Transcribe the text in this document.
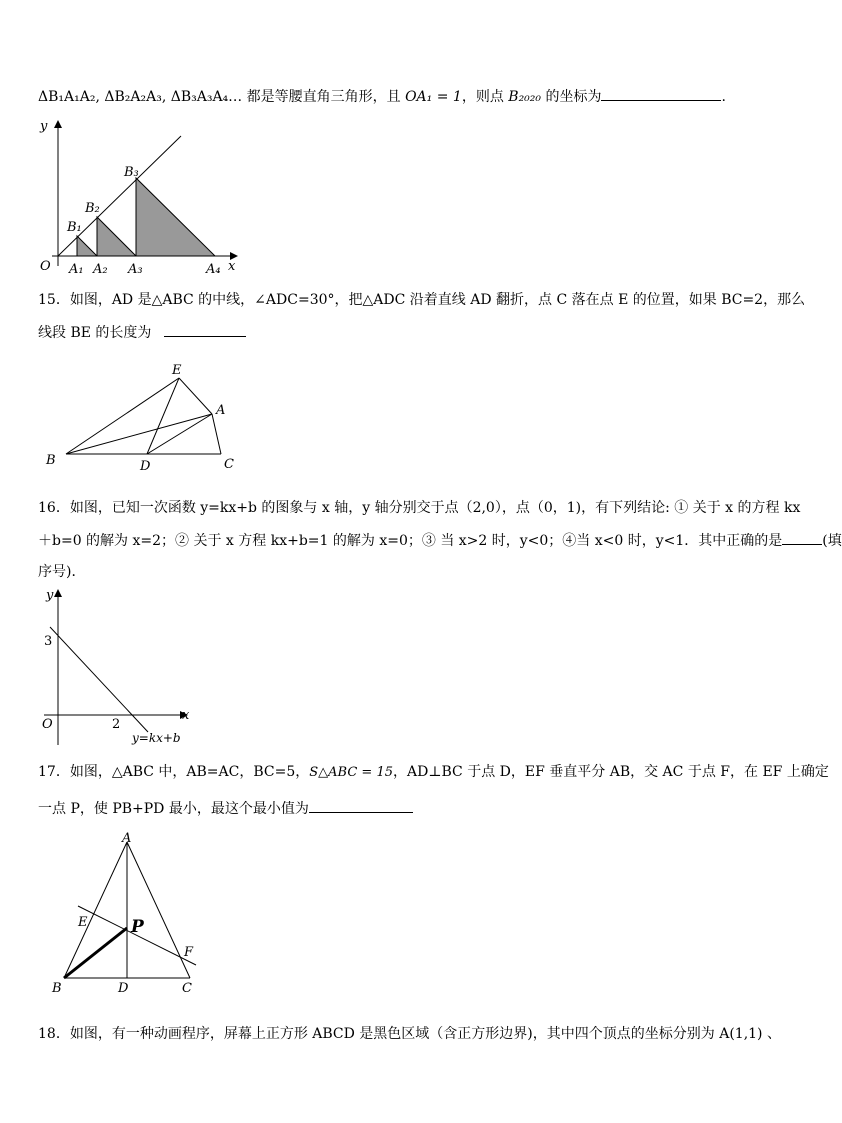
ΔB₁A₁A₂, ΔB₂A₂A₃, ΔB₃A₃A₄… 都是等腰直角三角形，且 OA₁ = 1，则点 B₂₀₂₀ 的坐标为	.
y
x
O A₁ A₂ A₃	A₄
B₁
B₂
B₃
15．如图，AD 是△ABC 的中线，∠ADC=30°，把△ADC 沿着直线 AD 翻折，点 C 落在点 E 的位置，如果 BC=2，那么
线段 BE 的长度为
E
A
B	D	C
16．如图，已知一次函数 y=kx+b 的图象与 x 轴，y 轴分别交于点（2,0），点（0，1)，有下列结论: ① 关于 x 的方程 kx
＋b=0 的解为 x=2；② 关于 x 方程 kx+b=1 的解为 x=0；③ 当 x>2 时，y<0；④当 x<0 时，y<1．其中正确的是	(填
序号)．
y
x
O
3
2
y=kx+b
17．如图，△ABC 中，AB=AC，BC=5，S△ABC = 15，AD⊥BC 于点 D，EF 垂直平分 AB，交 AC 于点 F，在 EF 上确定
一点 P，使 PB+PD 最小，最这个最小值为
A
E	P
F
B	D	C
18．如图，有一种动画程序，屏幕上正方形 ABCD 是黑色区域（含正方形边界)，其中四个顶点的坐标分别为 A(1,1) 、
